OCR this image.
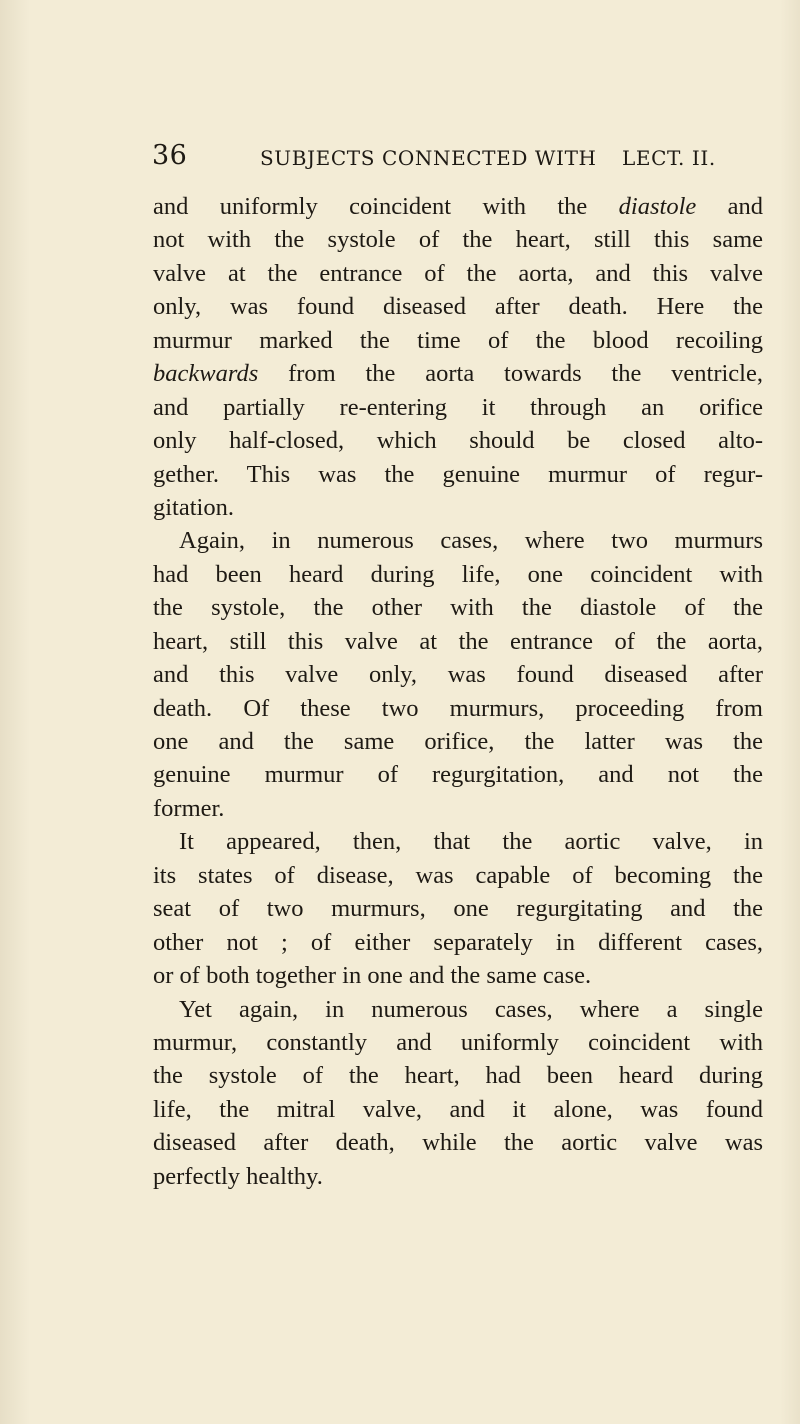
36	SUBJECTS CONNECTED WITH LECT. II.
and uniformly coincident with the diastole and
not with the systole of the heart, still this same
valve at the entrance of the aorta, and this valve
only, was found diseased after death. Here the
murmur marked the time of the blood recoiling
backwards from the aorta towards the ventricle,
and partially re-entering it through an orifice
only half-closed, which should be closed alto-
gether. This was the genuine murmur of regur-
gitation.
Again, in numerous cases, where two murmurs
had been heard during life, one coincident with
the systole, the other with the diastole of the
heart, still this valve at the entrance of the aorta,
and this valve only, was found diseased after
death. Of these two murmurs, proceeding from
one and the same orifice, the latter was the
genuine murmur of regurgitation, and not the
former.
It appeared, then, that the aortic valve, in
its states of disease, was capable of becoming the
seat of two murmurs, one regurgitating and the
other not ; of either separately in different cases,
or of both together in one and the same case.
Yet again, in numerous cases, where a single
murmur, constantly and uniformly coincident with
the systole of the heart, had been heard during
life, the mitral valve, and it alone, was found
diseased after death, while the aortic valve was
perfectly healthy.
